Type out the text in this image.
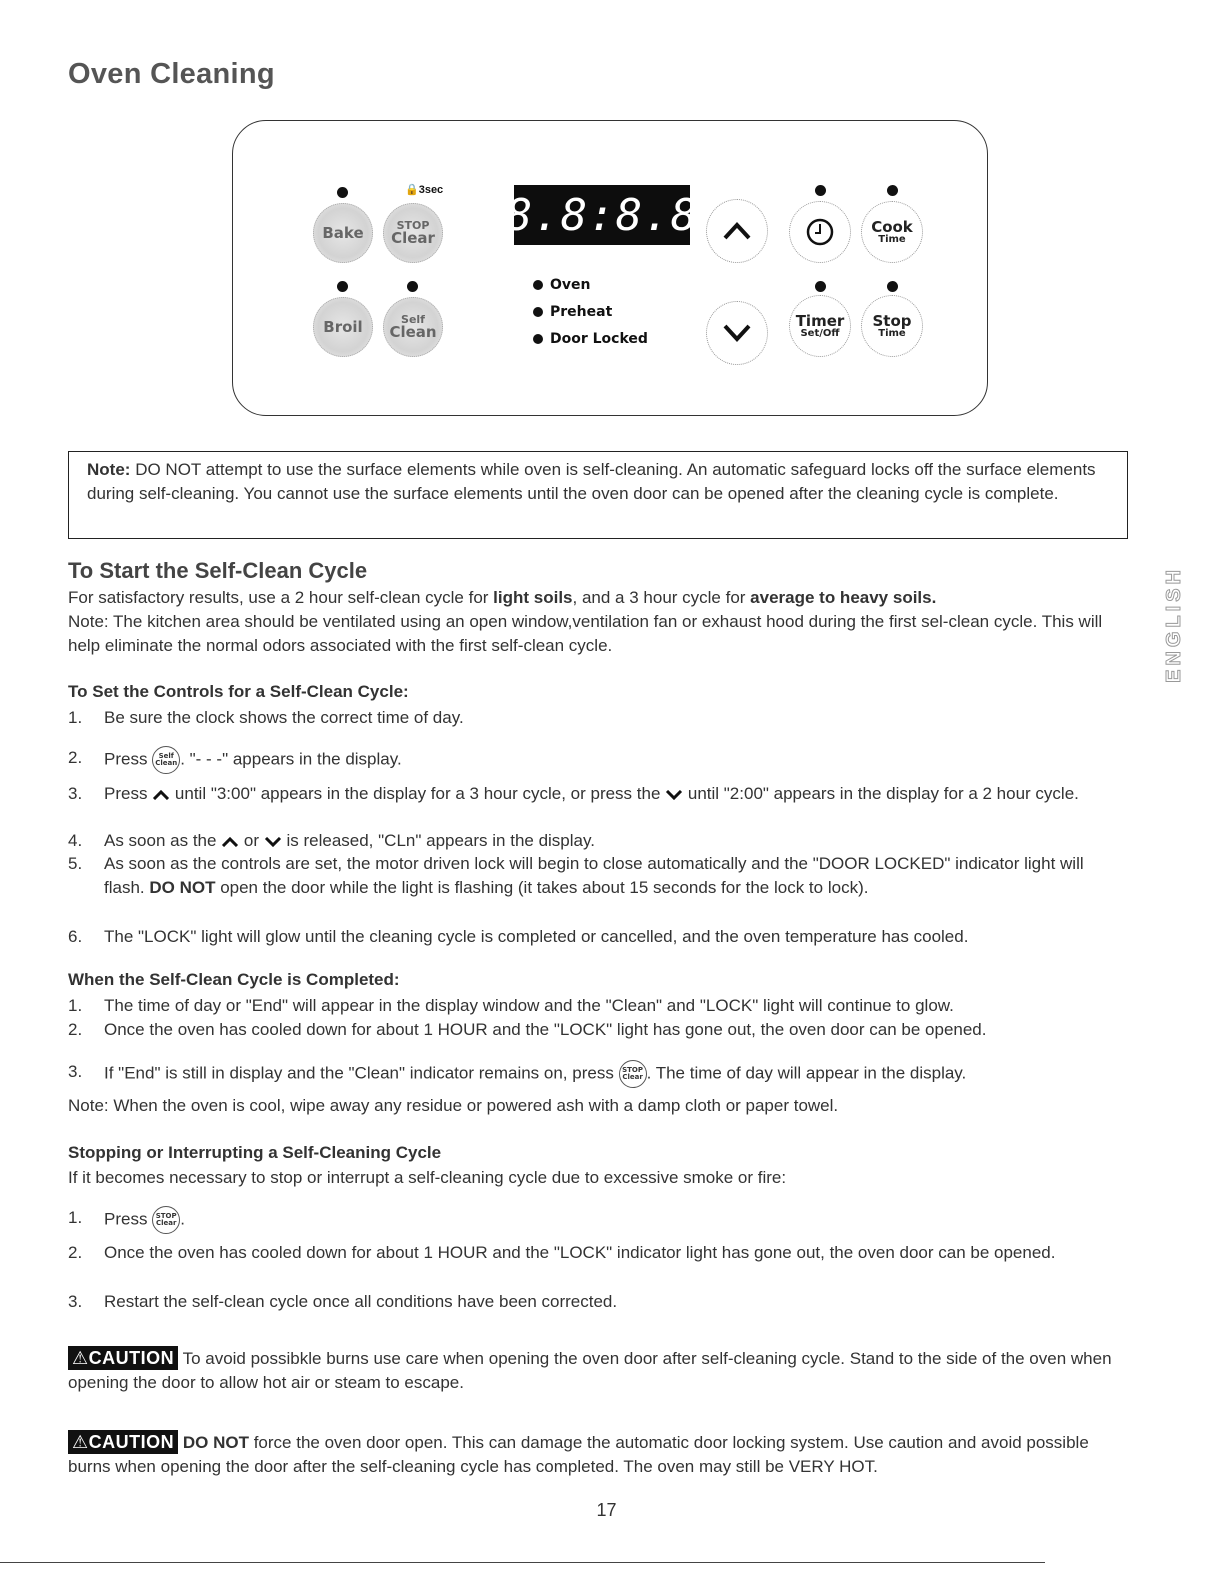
Oven Cleaning
🔒3sec
Bake	STOP
Clear
Broil	Self
Clean
8.8:8.8
Oven
Preheat
Door Locked
Cook
Time
Timer
Set/Off
Stop
Time
Note: DO NOT attempt to use the surface elements while oven is self-cleaning. An automatic safeguard locks off the surface elements during self-cleaning. You cannot use the surface elements until the oven door can be opened after the cleaning cycle is complete.
To Start the Self-Clean Cycle

For satisfactory results, use a 2 hour self-clean cycle for light soils, and a 3 hour cycle for average to heavy soils.
Note: The kitchen area should be ventilated using an open window,ventilation fan or exhaust hood during the first sel-clean cycle. This will help eliminate the normal odors associated with the first self-clean cycle.

To Set the Controls for a Self-Clean Cycle:
1. Be sure the clock shows the correct time of day.
2. Press Self
Clean . "- - -" appears in the display.
3. Press  until "3:00" appears in the display for a 3 hour cycle, or press the  until "2:00" appears in the display for a 2 hour cycle.
4. As soon as the  or  is released, "CLn" appears in the display.
5. As soon as the controls are set, the motor driven lock will begin to close automatically and the "DOOR LOCKED" indicator light will flash. DO NOT open the door while the light is flashing (it takes about 15 seconds for the lock to lock).
6. The "LOCK" light will glow until the cleaning cycle is completed or cancelled, and the oven temperature has cooled.
When the Self-Clean Cycle is Completed:
1. The time of day or "End" will appear in the display window and the "Clean" and "LOCK" light will continue to glow.
2. Once the oven has cooled down for about 1 HOUR and the "LOCK" light has gone out, the oven door can be opened.
3. If "End" is still in display and the "Clean" indicator remains on, press STOP
Clear . The time of day will appear in the display.

Note: When the oven is cool, wipe away any residue or powered ash with a damp cloth or paper towel.

Stopping or Interrupting a Self-Cleaning Cycle

If it becomes necessary to stop or interrupt a self-cleaning cycle due to excessive smoke or fire:

1. Press STOP
Clear .
2. Once the oven has cooled down for about 1 HOUR and the "LOCK" indicator light has gone out, the oven door can be opened.
3. Restart the self-clean cycle once all conditions have been corrected.

⚠CAUTION To avoid possibkle burns use care when opening the oven door after self-cleaning cycle. Stand to the side of the oven when opening the door to allow hot air or steam to escape.

⚠CAUTION DO NOT force the oven door open. This can damage the automatic door locking system. Use caution and avoid possible burns when opening the door after the self-cleaning cycle has completed. The oven may still be VERY HOT.

ENGLISH
17
